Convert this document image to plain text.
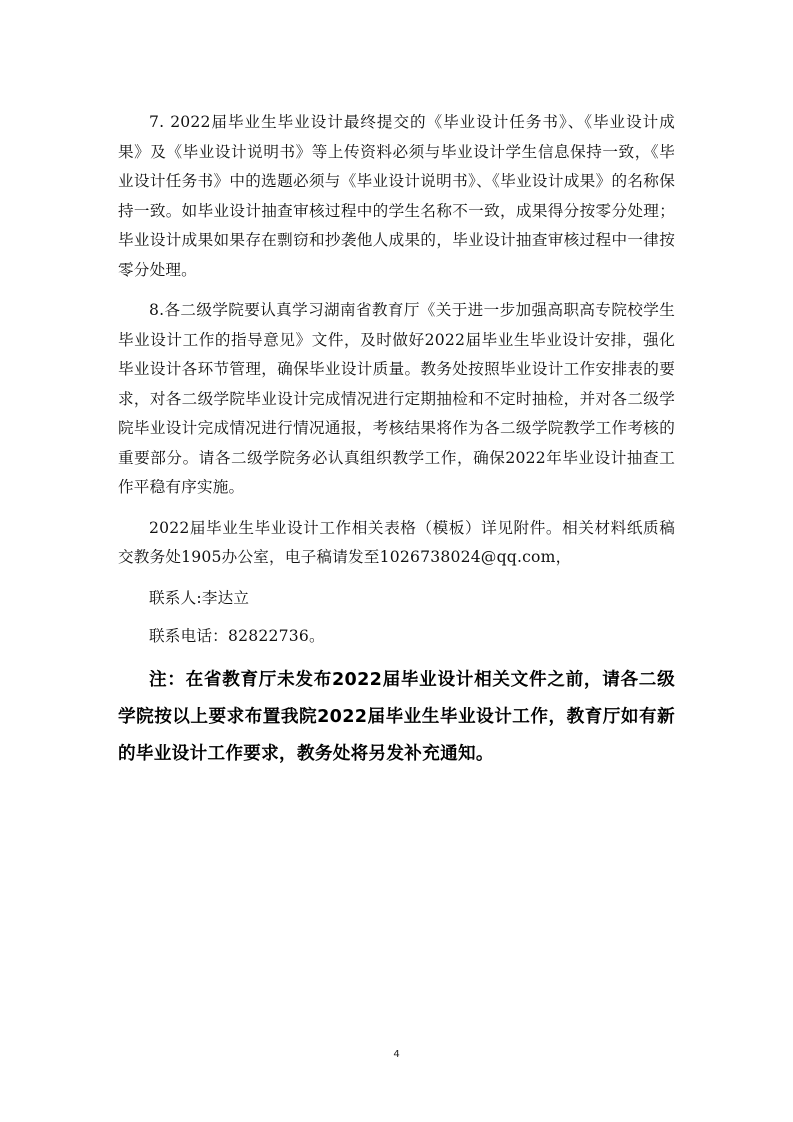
7. 2022届毕业生毕业设计最终提交的《毕业设计任务书》、《毕业设计成果》及《毕业设计说明书》等上传资料必须与毕业设计学生信息保持一致，《毕业设计任务书》中的选题必须与《毕业设计说明书》、《毕业设计成果》的名称保持一致。如毕业设计抽查审核过程中的学生名称不一致，成果得分按零分处理；毕业设计成果如果存在剽窃和抄袭他人成果的，毕业设计抽查审核过程中一律按零分处理。

8.各二级学院要认真学习湖南省教育厅《关于进一步加强高职高专院校学生毕业设计工作的指导意见》文件，及时做好2022届毕业生毕业设计安排，强化毕业设计各环节管理，确保毕业设计质量。教务处按照毕业设计工作安排表的要求，对各二级学院毕业设计完成情况进行定期抽检和不定时抽检，并对各二级学院毕业设计完成情况进行情况通报，考核结果将作为各二级学院教学工作考核的重要部分。请各二级学院务必认真组织教学工作，确保2022年毕业设计抽查工作平稳有序实施。

2022届毕业生毕业设计工作相关表格（模板）详见附件。相关材料纸质稿交教务处1905办公室，电子稿请发至1026738024@qq.com，

联系人:李达立

联系电话：82822736。

注：在省教育厅未发布2022届毕业设计相关文件之前，请各二级学院按以上要求布置我院2022届毕业生毕业设计工作，教育厅如有新的毕业设计工作要求，教务处将另发补充通知。

4
